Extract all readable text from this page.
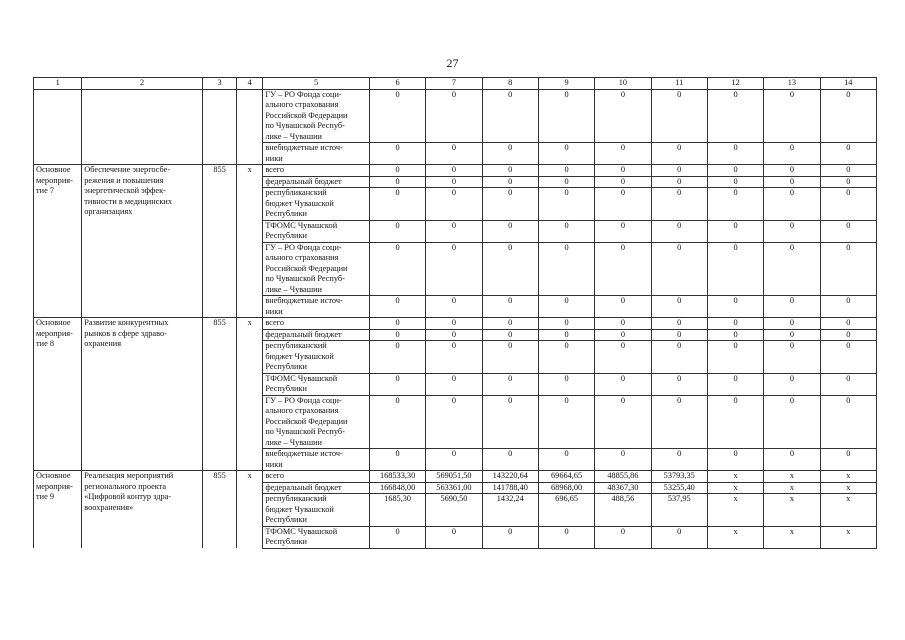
27
1	2	3	4	5	6	7	8	9	10	11	12	13	14
				ГУ – РО Фонда соци-
ального страхования
Российской Федерации
по Чувашской Респуб-
лике – Чувашии	0	0	0	0	0	0	0	0	0
				внебюджетные источ-
ники	0	0	0	0	0	0	0	0	0
Основное
мероприя-
тие 7	Обеспечение энергосбе-
режения и повышения
энергетической эффек-
тивности в медицинских
организациях	855	х	всего	0	0	0	0	0	0	0	0	0
				федеральный бюджет	0	0	0	0	0	0	0	0	0
				республиканский
бюджет Чувашской
Республики	0	0	0	0	0	0	0	0	0
				ТФОМС Чувашской
Республики	0	0	0	0	0	0	0	0	0
				ГУ – РО Фонда соци-
ального страхования
Российской Федерации
по Чувашской Респуб-
лике – Чувашии	0	0	0	0	0	0	0	0	0
				внебюджетные источ-
ники	0	0	0	0	0	0	0	0	0
Основное
мероприя-
тие 8	Развитие конкурентных
рынков в сфере здраво-
охранения	855	х	всего	0	0	0	0	0	0	0	0	0
				федеральный бюджет	0	0	0	0	0	0	0	0	0
				республиканский
бюджет Чувашской
Республики	0	0	0	0	0	0	0	0	0
				ТФОМС Чувашской
Республики	0	0	0	0	0	0	0	0	0
				ГУ – РО Фонда соци-
ального страхования
Российской Федерации
по Чувашской Респуб-
лике – Чувашии	0	0	0	0	0	0	0	0	0
				внебюджетные источ-
ники	0	0	0	0	0	0	0	0	0
Основное
мероприя-
тие 9	Реализация мероприятий
регионального проекта
«Цифровой контур здра-
воохранения»	855	х	всего	168533,30	569051,50	143220,64	69664,65	48855,86	53793,35	х	х	х
				федеральный бюджет	166848,00	563361,00	141788,40	68968,00	48367,30	53255,40	х	х	х
				республиканский
бюджет Чувашской
Республики	1685,30	5690,50	1432,24	696,65	488,56	537,95	х	х	х
				ТФОМС Чувашской
Республики	0	0	0	0	0	0	х	х	х
